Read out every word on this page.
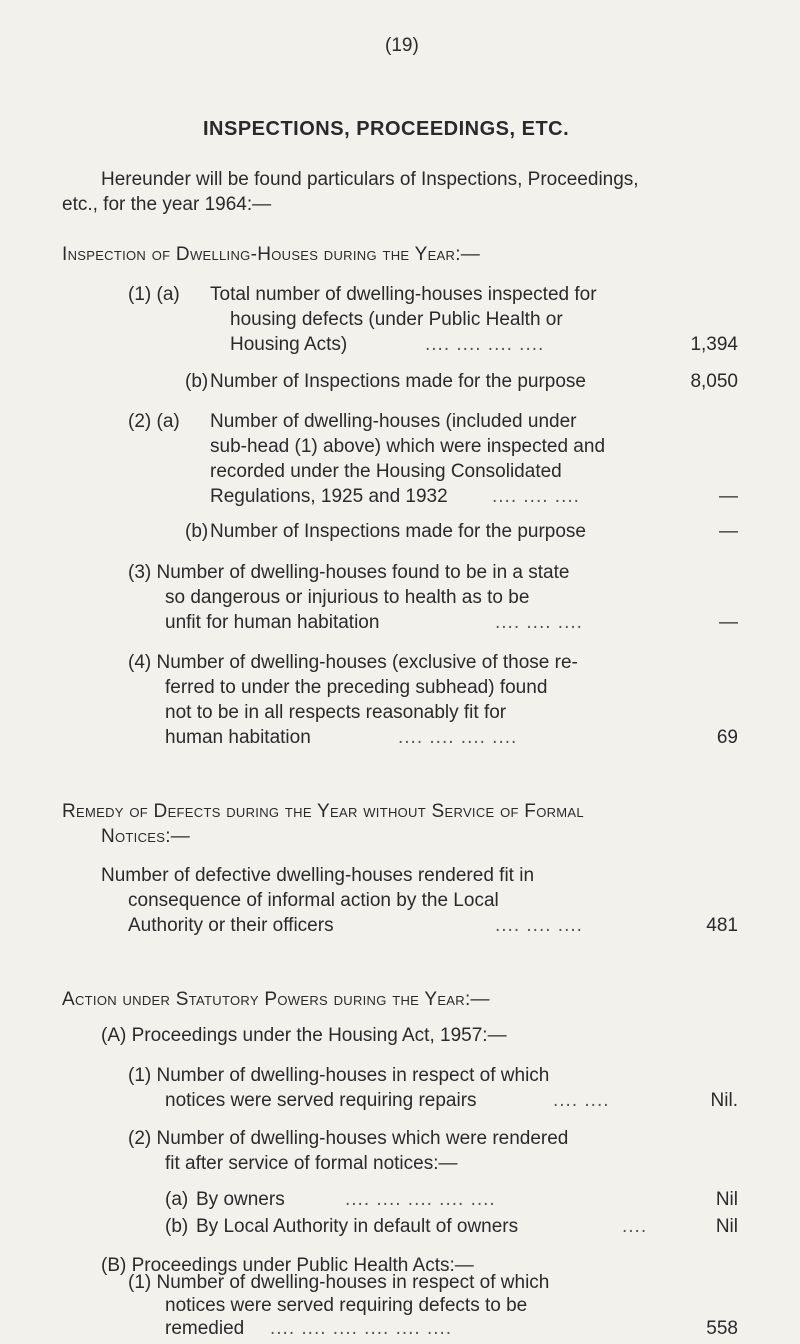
(19)
INSPECTIONS, PROCEEDINGS, ETC.
Hereunder will be found particulars of Inspections, Proceedings,
etc., for the year 1964:—
Inspection of Dwelling-Houses during the Year:—
(1) (a) Total number of dwelling-houses inspected for
housing defects (under Public Health or
Housing Acts)	.... .... .... ....	1,394
(b) Number of Inspections made for the purpose	8,050
(2) (a) Number of dwelling-houses (included under
sub-head (1) above) which were inspected and
recorded under the Housing Consolidated
Regulations, 1925 and 1932 .... .... ....	—
(b) Number of Inspections made for the purpose	—
(3) Number of dwelling-houses found to be in a state
so dangerous or injurious to health as to be
unfit for human habitation	.... .... ....	—
(4) Number of dwelling-houses (exclusive of those re-
ferred to under the preceding subhead) found
not to be in all respects reasonably fit for
human habitation	.... .... .... ....	69
Remedy of Defects during the Year without Service of Formal
Notices:—
Number of defective dwelling-houses rendered fit in
consequence of informal action by the Local
Authority or their officers	.... .... ....	481
Action under Statutory Powers during the Year:—
(A) Proceedings under the Housing Act, 1957:—
(1) Number of dwelling-houses in respect of which
notices were served requiring repairs	.... ....	Nil.
(2) Number of dwelling-houses which were rendered
fit after service of formal notices:—
(a) By owners	.... .... .... .... ....	Nil
(b) By Local Authority in default of owners	....	Nil
(B) Proceedings under Public Health Acts:—
(1) Number of dwelling-houses in respect of which
notices were served requiring defects to be
remedied .... .... .... .... .... ....	558
